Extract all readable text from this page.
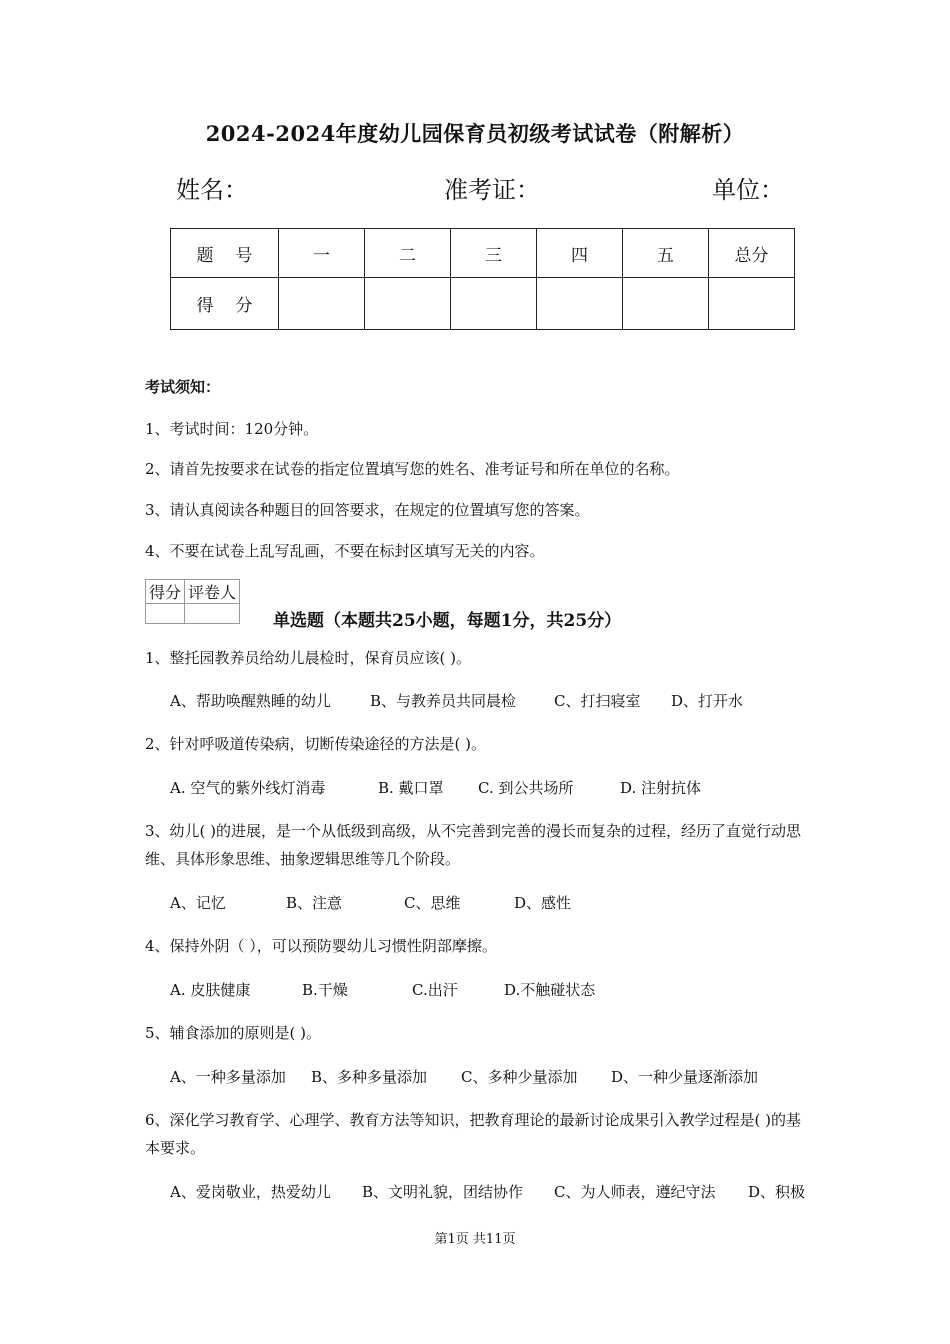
2024-2024年度幼儿园保育员初级考试试卷（附解析）
姓名：	准考证：	单位：
题号	一	二	三	四	五	总分
得分						
考试须知：
1、考试时间：120分钟。
2、请首先按要求在试卷的指定位置填写您的姓名、准考证号和所在单位的名称。
3、请认真阅读各种题目的回答要求，在规定的位置填写您的答案。
4、不要在试卷上乱写乱画，不要在标封区填写无关的内容。
得分	评卷人

单选题（本题共25小题，每题1分，共25分）
1、整托园教养员给幼儿晨检时，保育员应该( )。
A、帮助唤醒熟睡的幼儿	B、与教养员共同晨检	C、打扫寝室 D、打开水
2、针对呼吸道传染病，切断传染途径的方法是( )。
A. 空气的紫外线灯消毒	B. 戴口罩 C. 到公共场所	D. 注射抗体
3、幼儿( )的进展，是一个从低级到高级，从不完善到完善的漫长而复杂的过程，经历了直觉行动思维、具体形象思维、抽象逻辑思维等几个阶段。
A、记忆	B、注意	C、思维	D、感性
4、保持外阴（ ），可以预防婴幼儿习惯性阴部摩擦。
A. 皮肤健康	B.干燥	C.出汗	D.不触碰状态
5、辅食添加的原则是( )。
A、一种多量添加 B、多种多量添加 C、多种少量添加 D、一种少量逐渐添加
6、深化学习教育学、心理学、教育方法等知识，把教育理论的最新讨论成果引入教学过程是( )的基本要求。
A、爱岗敬业，热爱幼儿 B、文明礼貌，团结协作 C、为人师表，遵纪守法 D、积极
第1页 共11页
